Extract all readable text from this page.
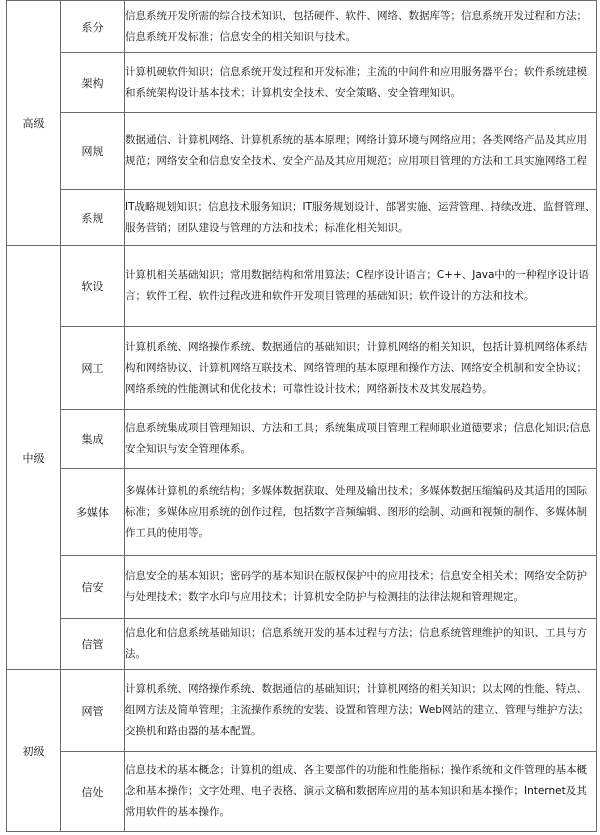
高级	系分	信息系统开发所需的综合技术知识，包括硬件、软件、网络、数据库等；信息系统开发过程和方法；信息系统开发标准；信息安全的相关知识与技术。
	架构	计算机硬软件知识；信息系统开发过程和开发标准；主流的中间件和应用服务器平台；软件系统建模和系统架构设计基本技术；计算机安全技术、安全策略、安全管理知识。
	网规	数据通信、计算机网络、计算机系统的基本原理；网络计算环境与网络应用；各类网络产品及其应用规范；网络安全和信息安全技术、安全产品及其应用规范；应用项目管理的方法和工具实施网络工程
	系规	IT战略规划知识；信息技术服务知识；IT服务规划设计、部署实施、运营管理、持续改进、监督管理、服务营销；团队建设与管理的方法和技术；标准化相关知识。
中级	软设	计算机相关基础知识；常用数据结构和常用算法；C程序设计语言；C++、Java中的一种程序设计语言；软件工程、软件过程改进和软件开发项目管理的基础知识；软件设计的方法和技术。
	网工	计算机系统、网络操作系统、数据通信的基础知识；计算机网络的相关知识，包括计算机网络体系结构和网络协议、计算机网络互联技术、网络管理的基本原理和操作方法、网络安全机制和安全协议；网络系统的性能测试和优化技术；可靠性设计技术；网络新技术及其发展趋势。
	集成	信息系统集成项目管理知识、方法和工具；系统集成项目管理工程师职业道德要求；信息化知识;信息安全知识与安全管理体系。
	多媒体	多媒体计算机的系统结构；多媒体数据获取、处理及输出技术；多媒体数据压缩编码及其适用的国际标准；多媒体应用系统的创作过程，包括数字音频编辑、图形的绘制、动画和视频的制作、多媒体制作工具的使用等。
	信安	信息安全的基本知识；密码学的基本知识在版权保护中的应用技术；信息安全相关术；网络安全防护与处理技术；数字水印与应用技术；计算机安全防护与检测挂的法律法规和管理规定。
	信管	信息化和信息系统基础知识；信息系统开发的基本过程与方法；信息系统管理维护的知识、工具与方法。
初级	网管	计算机系统、网络操作系统、数据通信的基础知识；计算机网络的相关知识；以太网的性能、特点、组网方法及简单管理；主流操作系统的安装、设置和管理方法；Web网站的建立、管理与维护方法；交换机和路由器的基本配置。
	信处	信息技术的基本概念；计算机的组成、各主要部件的功能和性能指标；操作系统和文件管理的基本概念和基本操作；文字处理、电子表格、演示文稿和数据库应用的基本知识和基本操作；Internet及其常用软件的基本操作。
